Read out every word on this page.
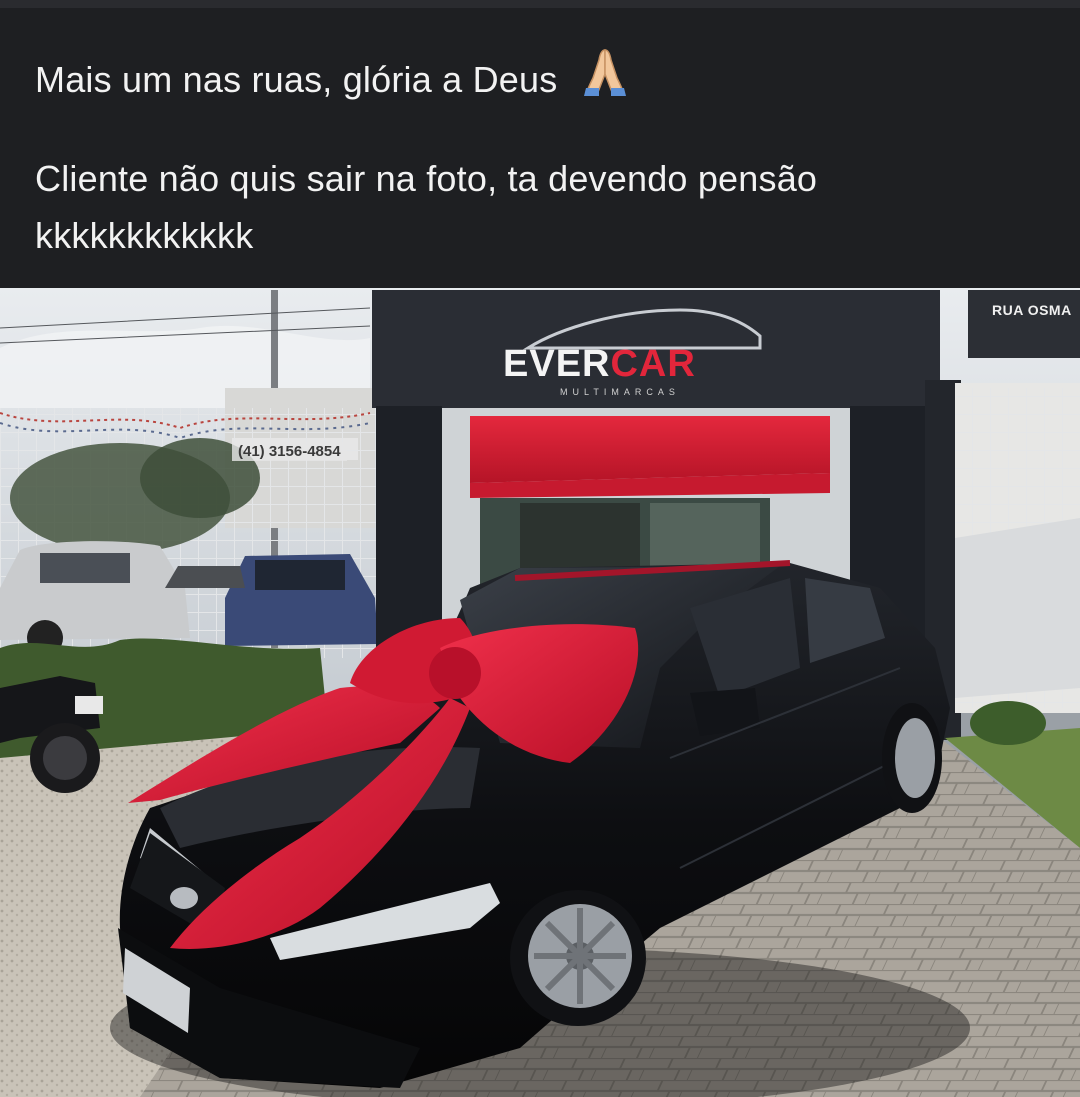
Mais um nas ruas, glória a Deus
Cliente não quis sair na foto, ta devendo pensão
kkkkkkkkkkkk
EVERCAR
MULTIMARCAS
RUA OSMA
(41) 3156-4854
